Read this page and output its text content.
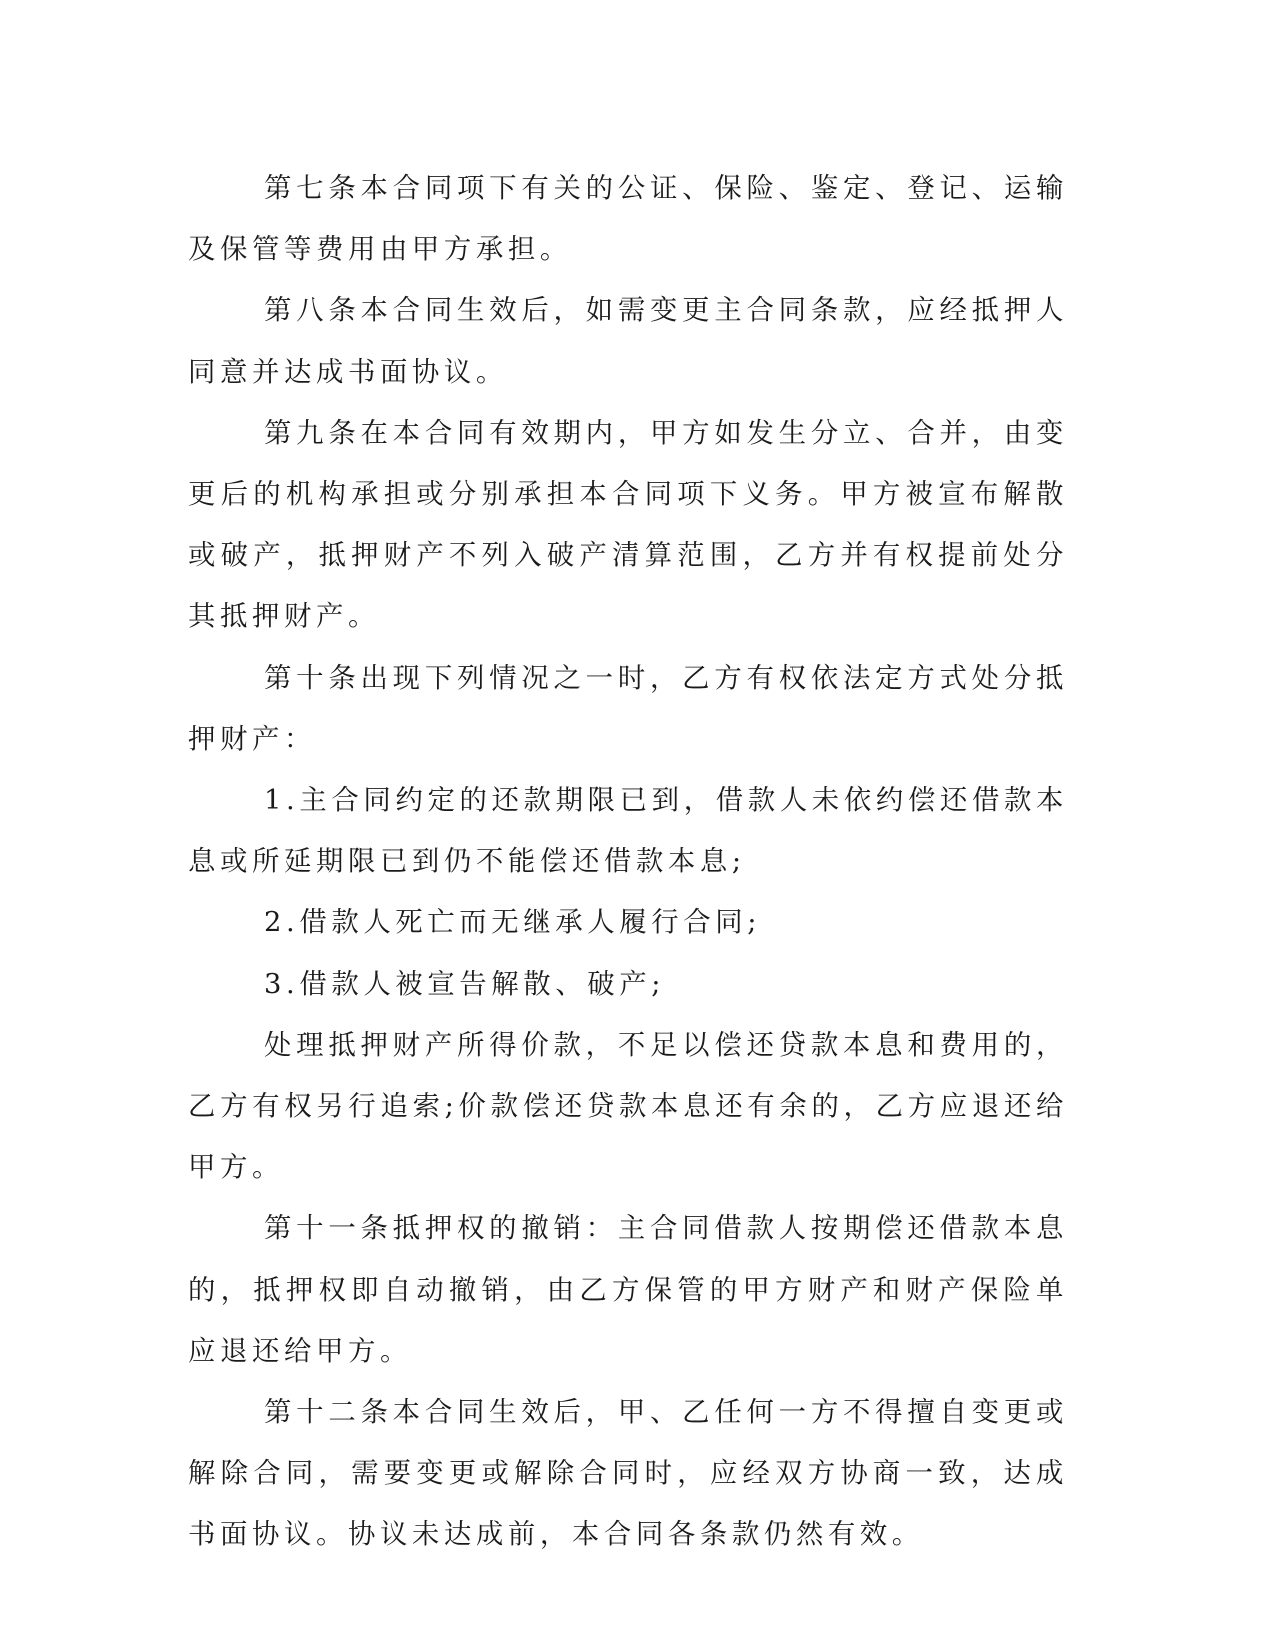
第七条本合同项下有关的公证、保险、鉴定、登记、运输及保管等费用由甲方承担。

第八条本合同生效后，如需变更主合同条款，应经抵押人同意并达成书面协议。

第九条在本合同有效期内，甲方如发生分立、合并，由变更后的机构承担或分别承担本合同项下义务。甲方被宣布解散或破产，抵押财产不列入破产清算范围，乙方并有权提前处分其抵押财产。

第十条出现下列情况之一时，乙方有权依法定方式处分抵押财产：

1.主合同约定的还款期限已到，借款人未依约偿还借款本息或所延期限已到仍不能偿还借款本息;

2.借款人死亡而无继承人履行合同;

3.借款人被宣告解散、破产;

处理抵押财产所得价款，不足以偿还贷款本息和费用的，乙方有权另行追索;价款偿还贷款本息还有余的，乙方应退还给甲方。

第十一条抵押权的撤销：主合同借款人按期偿还借款本息的，抵押权即自动撤销，由乙方保管的甲方财产和财产保险单应退还给甲方。

第十二条本合同生效后，甲、乙任何一方不得擅自变更或解除合同，需要变更或解除合同时，应经双方协商一致，达成书面协议。协议未达成前，本合同各条款仍然有效。
